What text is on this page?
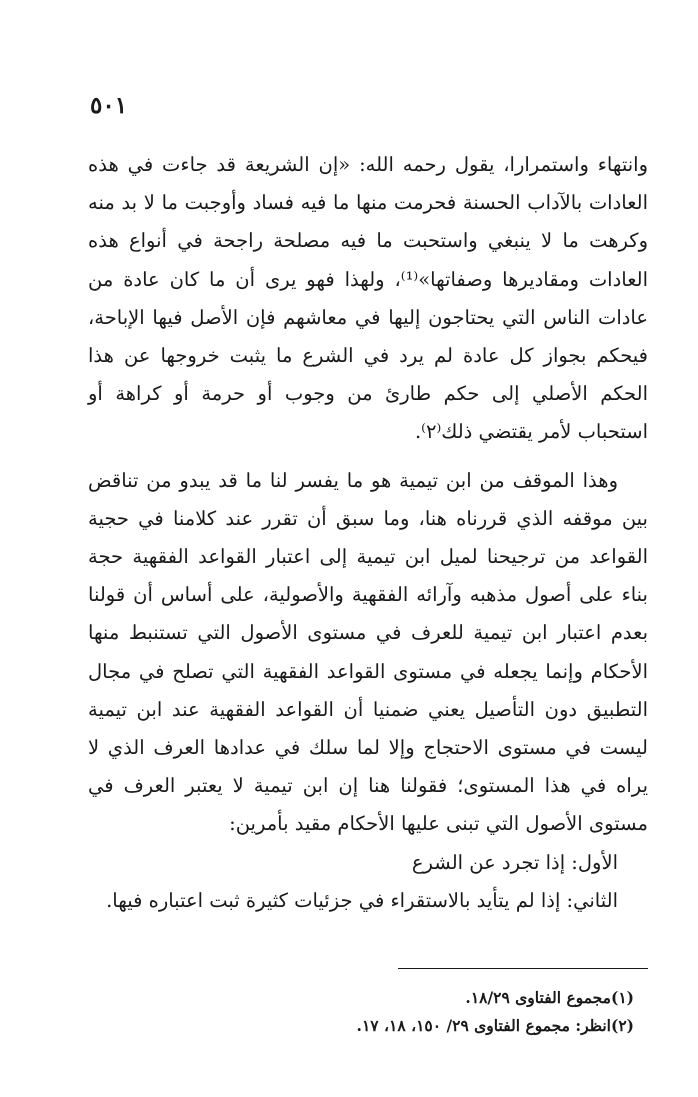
٥٠١

وانتهاء واستمرارا، يقول رحمه الله: «إن الشريعة قد جاءت في هذه العادات بالآداب الحسنة فحرمت منها ما فيه فساد وأوجبت ما لا بد منه وكرهت ما لا ينبغي واستحبت ما فيه مصلحة راجحة في أنواع هذه العادات ومقاديرها وصفاتها»⁽¹⁾، ولهذا فهو يرى أن ما كان عادة من عادات الناس التي يحتاجون إليها في معاشهم فإن الأصل فيها الإباحة، فيحكم بجواز كل عادة لم يرد في الشرع ما يثبت خروجها عن هذا الحكم الأصلي إلى حكم طارئ من وجوب أو حرمة أو كراهة أو استحباب لأمر يقتضي ذلك⁽٢⁾.

وهذا الموقف من ابن تيمية هو ما يفسر لنا ما قد يبدو من تناقض بين موقفه الذي قررناه هنا، وما سبق أن تقرر عند كلامنا في حجية القواعد من ترجيحنا لميل ابن تيمية إلى اعتبار القواعد الفقهية حجة بناء على أصول مذهبه وآرائه الفقهية والأصولية، على أساس أن قولنا بعدم اعتبار ابن تيمية للعرف في مستوى الأصول التي تستنبط منها الأحكام وإنما يجعله في مستوى القواعد الفقهية التي تصلح في مجال التطبيق دون التأصيل يعني ضمنيا أن القواعد الفقهية عند ابن تيمية ليست في مستوى الاحتجاج وإلا لما سلك في عدادها العرف الذي لا يراه في هذا المستوى؛ فقولنا هنا إن ابن تيمية لا يعتبر العرف في مستوى الأصول التي تبنى عليها الأحكام مقيد بأمرين:

الأول: إذا تجرد عن الشرع

الثاني: إذا لم يتأيد بالاستقراء في جزئيات كثيرة ثبت اعتباره فيها.

(١)مجموع الفتاوى ١٨/٢٩.

(٢)انظر: مجموع الفتاوى ٢٩/ ١٥٠، ١٨، ١٧.
